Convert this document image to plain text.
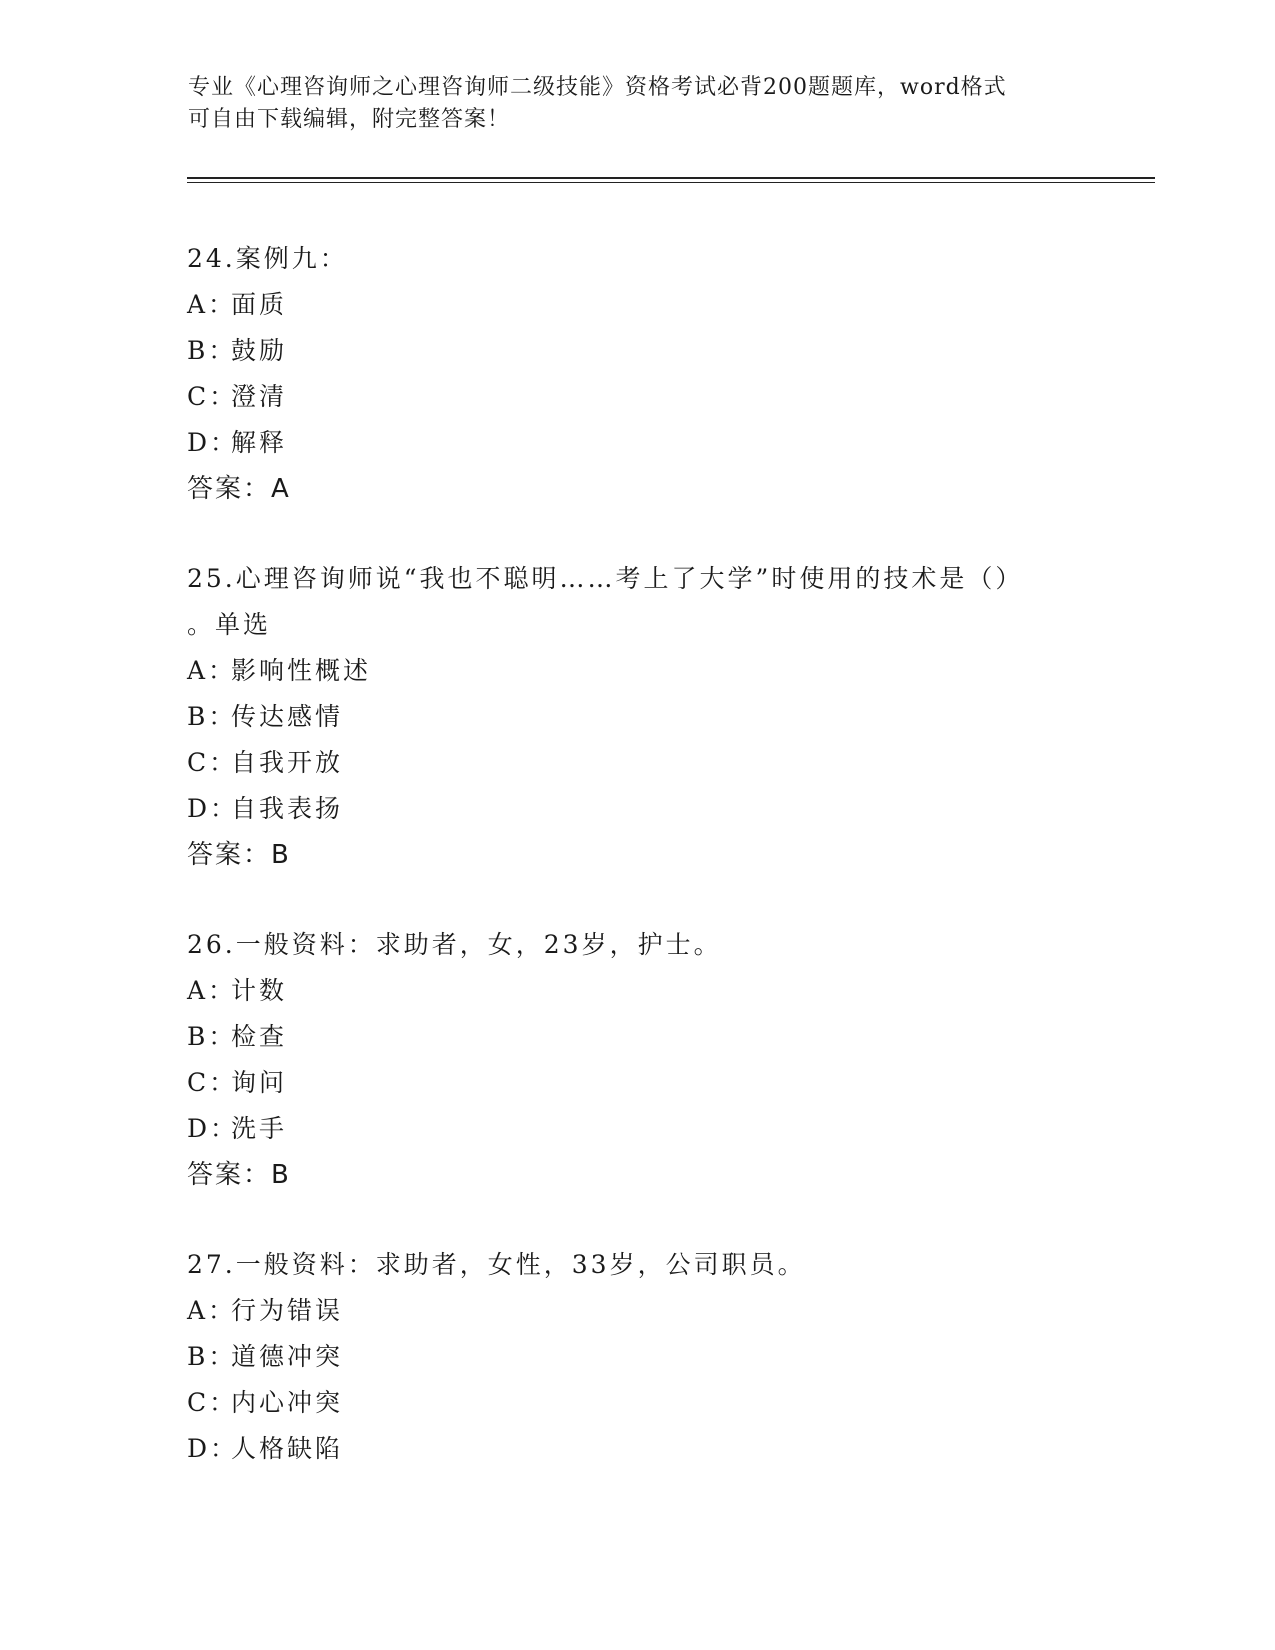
专业《心理咨询师之心理咨询师二级技能》资格考试必背200题题库，word格式
可自由下载编辑，附完整答案！
24.案例九：
A：面质
B：鼓励
C：澄清
D：解释
答案：A
25.心理咨询师说“我也不聪明……考上了大学”时使用的技术是（）
。单选
A：影响性概述
B：传达感情
C：自我开放
D：自我表扬
答案：B
26.一般资料：求助者，女，23岁，护士。
A：计数
B：检查
C：询问
D：洗手
答案：B
27.一般资料：求助者，女性，33岁，公司职员。
A：行为错误
B：道德冲突
C：内心冲突
D：人格缺陷
